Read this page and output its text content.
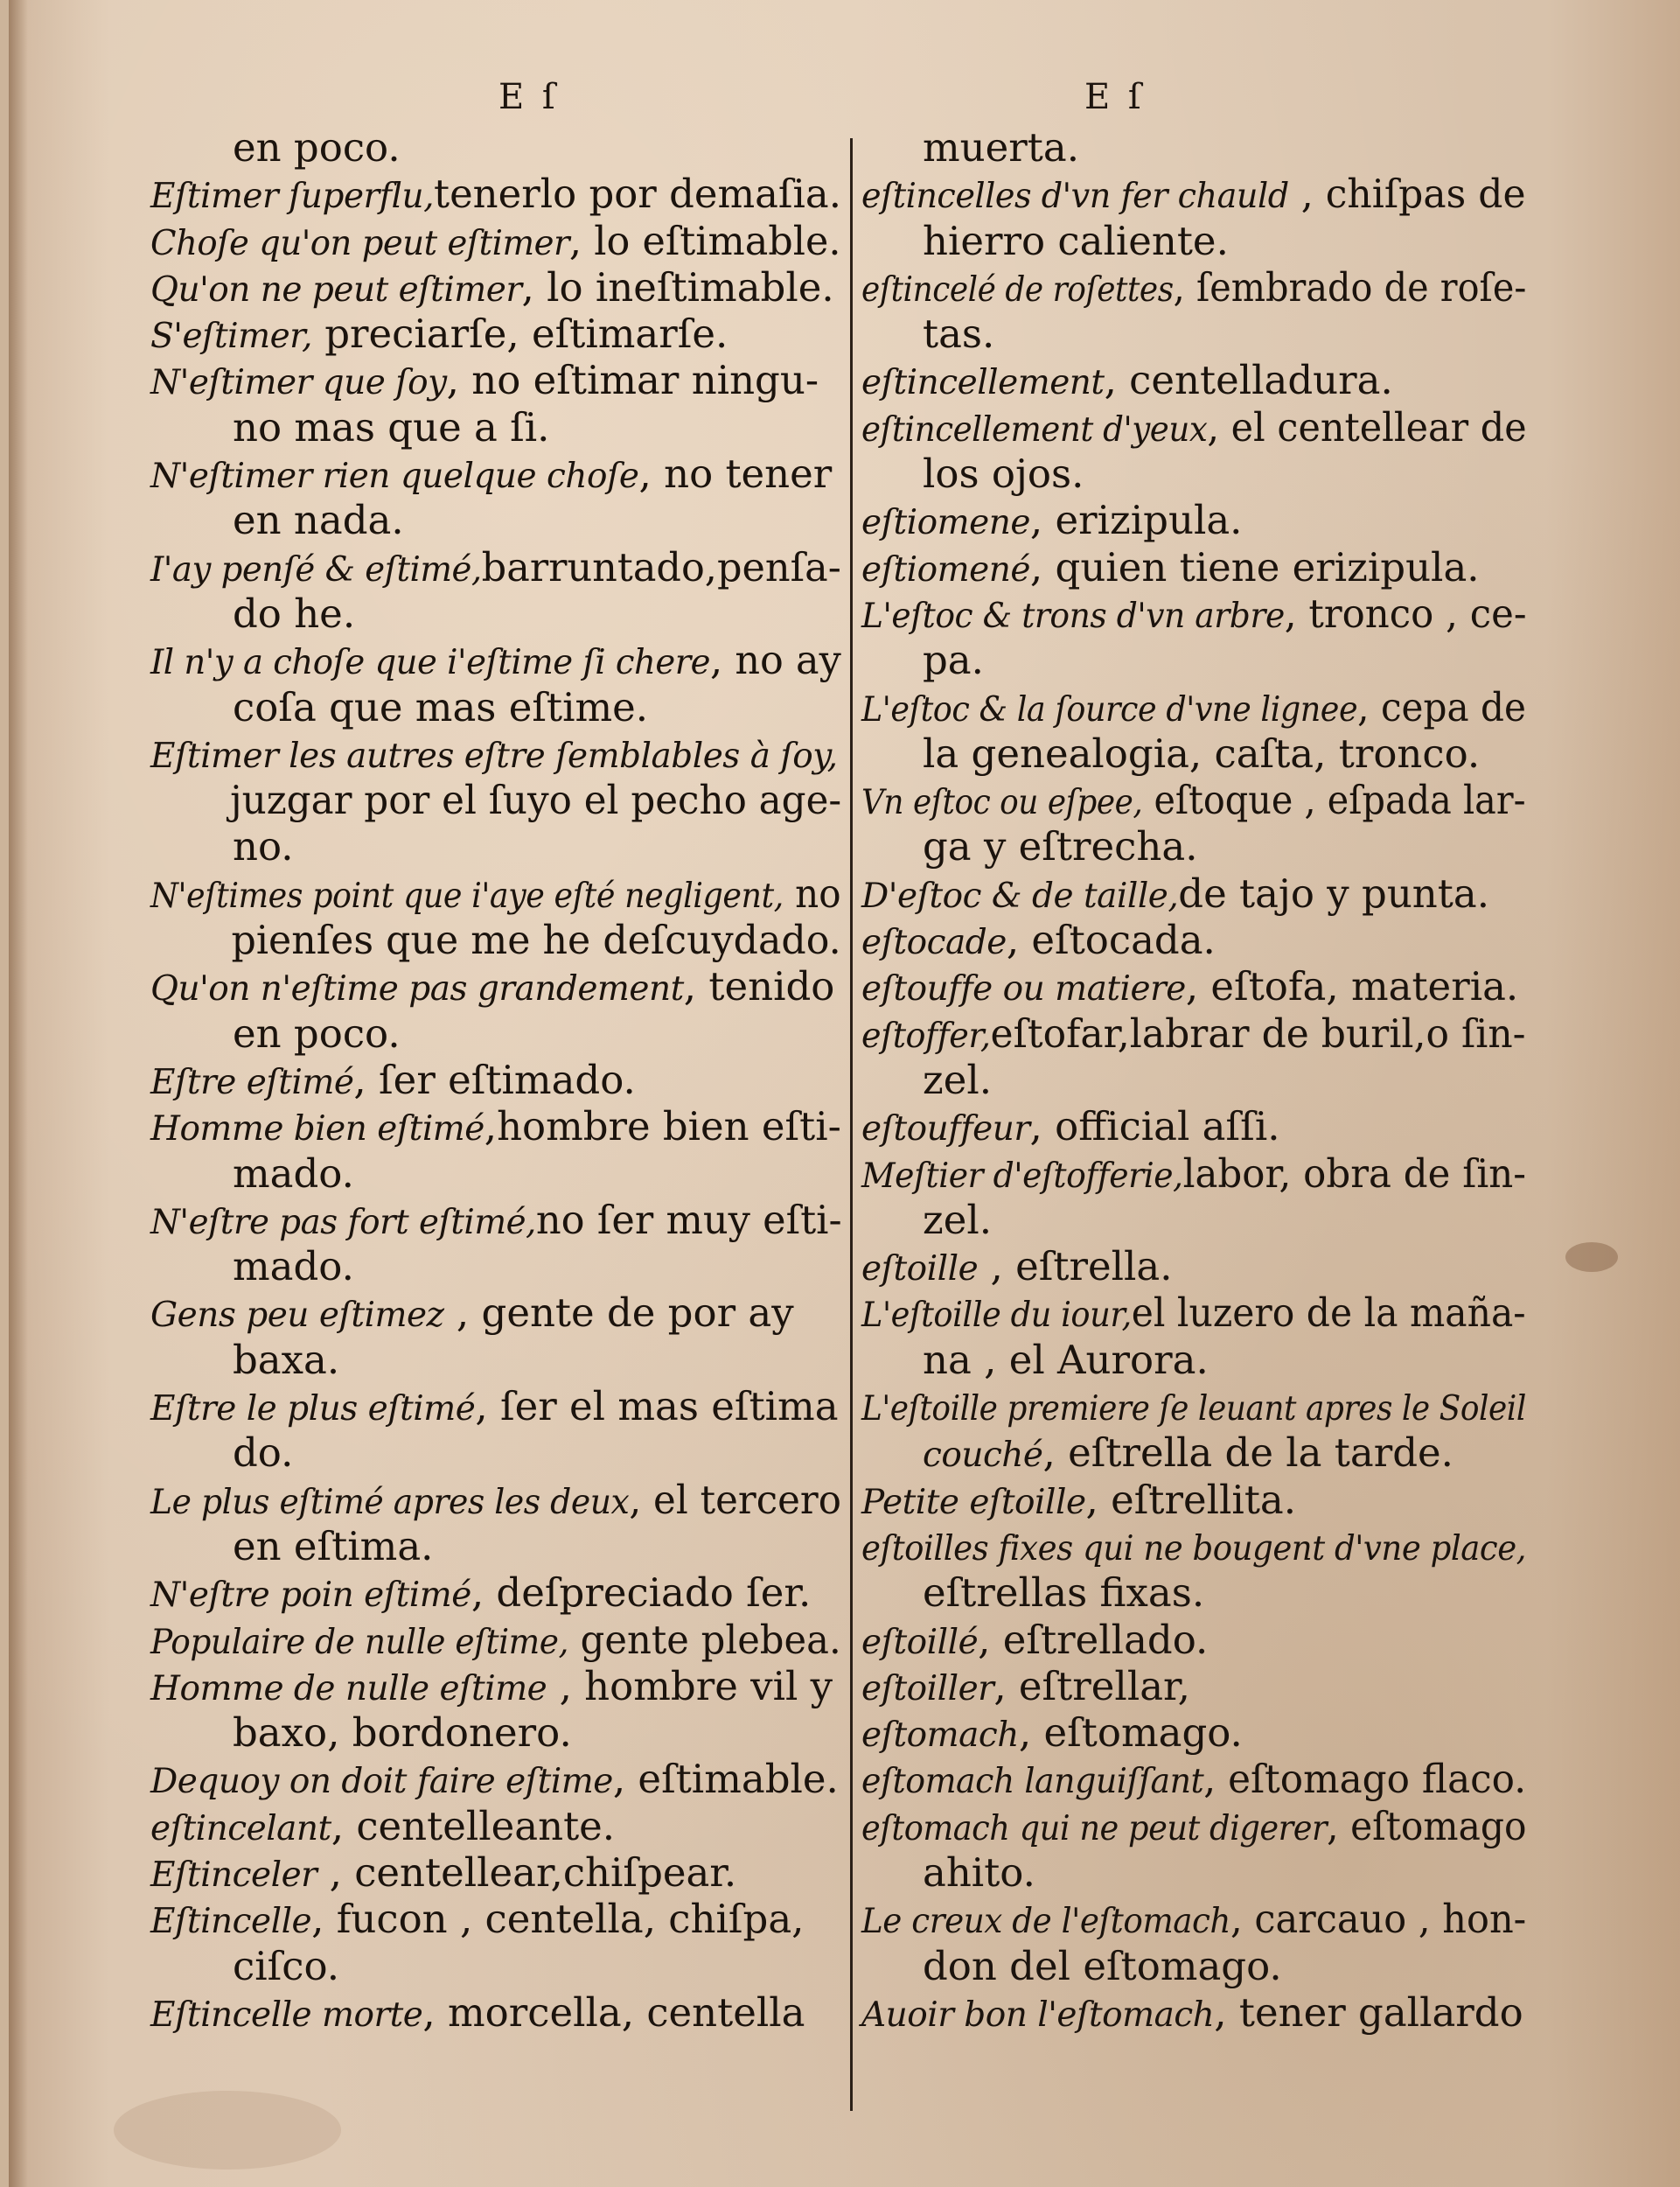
E ſ	E ſ
en poco.
Eſtimer ſuperflu,tenerlo por demaſia.
Choſe qu'on peut eſtimer, lo eſtimable.
Qu'on ne peut eſtimer, lo ineſtimable.
S'eſtimer, preciarſe, eſtimarſe.
N'eſtimer que ſoy, no eſtimar ningu-
no mas que a ſi.
N'eſtimer rien quelque choſe, no tener
en nada.
I'ay penſé & eſtimé,barruntado,penſa-
do he.
Il n'y a choſe que i'eſtime ſi chere, no ay
coſa que mas eſtime.
Eſtimer les autres eſtre ſemblables à ſoy,
juzgar por el ſuyo el pecho age-
no.
N'eſtimes point que i'aye eſté negligent, no
pienſes que me he deſcuydado.
Qu'on n'eſtime pas grandement, tenido
en poco.
Eſtre eſtimé, ſer eſtimado.
Homme bien eſtimé,hombre bien eſti-
mado.
N'eſtre pas fort eſtimé,no ſer muy eſti-
mado.
Gens peu eſtimez , gente de por ay
baxa.
Eſtre le plus eſtimé, ſer el mas eſtima
do.
Le plus eſtimé apres les deux, el tercero
en eſtima.
N'eſtre poin eſtimé, deſpreciado ſer.
Populaire de nulle eſtime, gente plebea.
Homme de nulle eſtime , hombre vil y
baxo, bordonero.
Dequoy on doit faire eſtime, eſtimable.
eſtincelant, centelleante.
Eſtinceler , centellear,chiſpear.
Eſtincelle, fucon , centella, chiſpa,
ciſco.
Eſtincelle morte, morcella, centella
muerta.
eſtincelles d'vn fer chauld , chiſpas de
hierro caliente.
eſtincelé de roſettes, ſembrado de roſe-
tas.
eſtincellement, centelladura.
eſtincellement d'yeux, el centellear de
los ojos.
eſtiomene, erizipula.
eſtiomené, quien tiene erizipula.
L'eſtoc & trons d'vn arbre, tronco , ce-
pa.
L'eſtoc & la ſource d'vne lignee, cepa de
la genealogia, caſta, tronco.
Vn eſtoc ou eſpee, eſtoque , eſpada lar-
ga y eſtrecha.
D'eſtoc & de taille,de tajo y punta.
eſtocade, eſtocada.
eſtouffe ou matiere, eſtofa, materia.
eſtoffer,eſtofar,labrar de buril,o ſin-
zel.
eſtouffeur, official aſſi.
Meſtier d'eſtofferie,labor, obra de ſin-
zel.
eſtoille , eſtrella.
L'eſtoille du iour,el luzero de la maña-
na , el Aurora.
L'eſtoille premiere ſe leuant apres le Soleil
couché, eſtrella de la tarde.
Petite eſtoille, eſtrellita.
eſtoilles fixes qui ne bougent d'vne place,
eſtrellas fixas.
eſtoillé, eſtrellado.
eſtoiller, eſtrellar,
eſtomach, eſtomago.
eſtomach languiſſant, eſtomago flaco.
eſtomach qui ne peut digerer, eſtomago
ahito.
Le creux de l'eſtomach, carcauo , hon-
don del eſtomago.
Auoir bon l'eſtomach, tener gallardo
